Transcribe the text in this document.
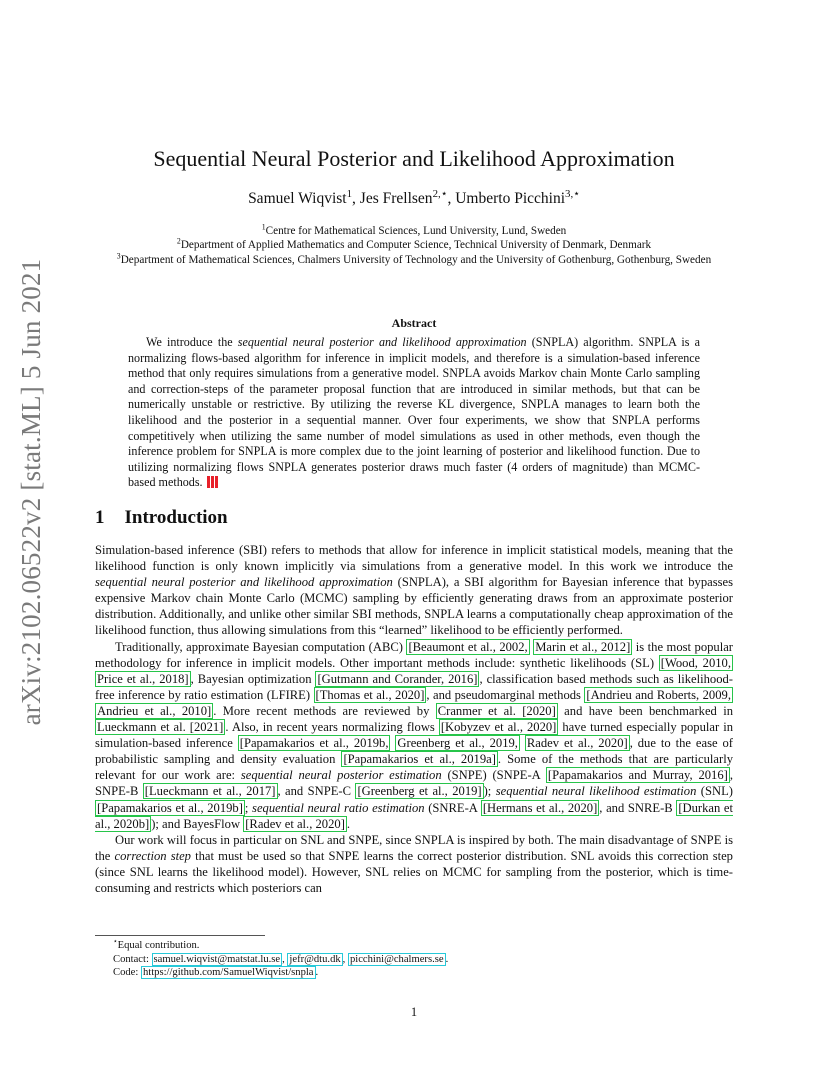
arXiv:2102.06522v2 [stat.ML] 5 Jun 2021
Sequential Neural Posterior and Likelihood Approximation
Samuel Wiqvist$^1$, Jes Frellsen$^{2,⋆}$, Umberto Picchini$^{3,⋆}$
$^1$Centre for Mathematical Sciences, Lund University, Lund, Sweden
$^2$Department of Applied Mathematics and Computer Science, Technical University of Denmark, Denmark
$^3$Department of Mathematical Sciences, Chalmers University of Technology and the University of Gothenburg, Gothenburg, Sweden
Abstract
We introduce the sequential neural posterior and likelihood approximation (SNPLA) algorithm. SNPLA is a normalizing flows-based algorithm for inference in implicit models, and therefore is a simulation-based inference method that only requires simulations from a generative model. SNPLA avoids Markov chain Monte Carlo sampling and correction-steps of the parameter proposal function that are introduced in similar methods, but that can be numerically unstable or restrictive. By utilizing the reverse KL divergence, SNPLA manages to learn both the likelihood and the posterior in a sequential manner. Over four experiments, we show that SNPLA performs competitively when utilizing the same number of model simulations as used in other methods, even though the inference problem for SNPLA is more complex due to the joint learning of posterior and likelihood function. Due to utilizing normalizing flows SNPLA generates posterior draws much faster (4 orders of magnitude) than MCMC-based methods.
1 Introduction

Simulation-based inference (SBI) refers to methods that allow for inference in implicit statistical models, meaning that the likelihood function is only known implicitly via simulations from a generative model. In this work we introduce the sequential neural posterior and likelihood approximation (SNPLA), a SBI algorithm for Bayesian inference that bypasses expensive Markov chain Monte Carlo (MCMC) sampling by efficiently generating draws from an approximate posterior distribution. Additionally, and unlike other similar SBI methods, SNPLA learns a computationally cheap approximation of the likelihood function, thus allowing simulations from this “learned” likelihood to be efficiently performed.

Traditionally, approximate Bayesian computation (ABC) [Beaumont et al., 2002, Marin et al., 2012] is the most popular methodology for inference in implicit models. Other important methods include: synthetic likelihoods (SL) [Wood, 2010, Price et al., 2018] , Bayesian optimization [Gutmann and Corander, 2016] , classification based methods such as likelihood-free inference by ratio estimation (LFIRE) [Thomas et al., 2020] , and pseudomarginal methods [Andrieu and Roberts, 2009, Andrieu et al., 2010] . More recent methods are reviewed by Cranmer et al. [2020] and have been benchmarked in Lueckmann et al. [2021] . Also, in recent years normalizing flows [Kobyzev et al., 2020] have turned especially popular in simulation-based inference [Papamakarios et al., 2019b, Greenberg et al., 2019, Radev et al., 2020] , due to the ease of probabilistic sampling and density evaluation [Papamakarios et al., 2019a] . Some of the methods that are particularly relevant for our work are: sequential neural posterior estimation (SNPE) (SNPE-A [Papamakarios and Murray, 2016] , SNPE-B [Lueckmann et al., 2017] , and SNPE-C [Greenberg et al., 2019] ); sequential neural likelihood estimation (SNL) [Papamakarios et al., 2019b] ; sequential neural ratio estimation (SNRE-A [Hermans et al., 2020] , and SNRE-B [Durkan et al., 2020b] ); and BayesFlow [Radev et al., 2020] .

Our work will focus in particular on SNL and SNPE, since SNPLA is inspired by both. The main disadvantage of SNPE is the correction step that must be used so that SNPE learns the correct posterior distribution. SNL avoids this correction step (since SNL learns the likelihood model). However, SNL relies on MCMC for sampling from the posterior, which is time-consuming and restricts which posteriors can

⋆Equal contribution.
Contact: samuel.wiqvist@matstat.lu.se , jefr@dtu.dk , picchini@chalmers.se .
Code: https://github.com/SamuelWiqvist/snpla .
1
